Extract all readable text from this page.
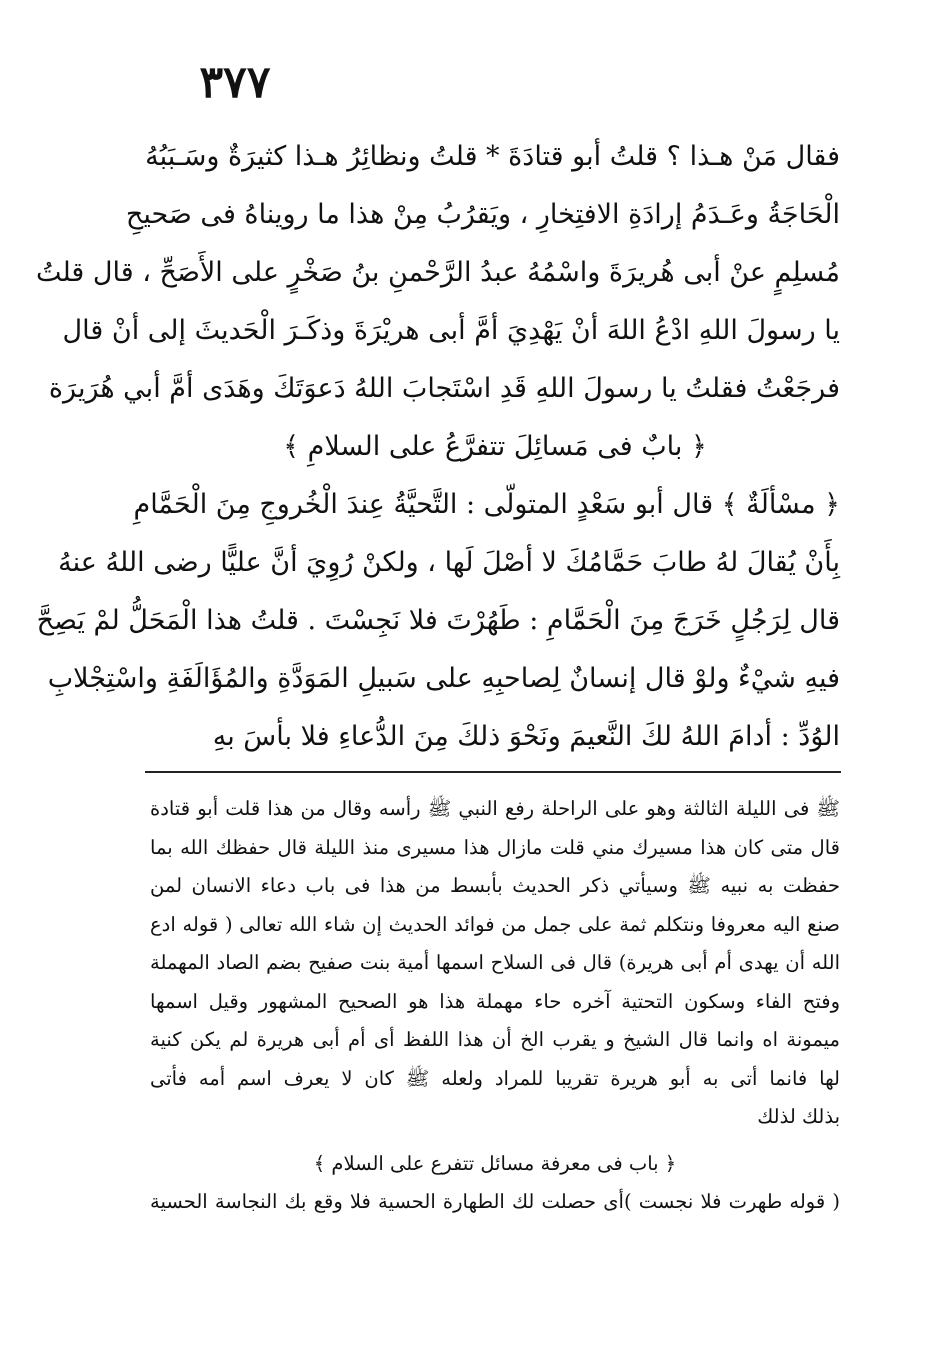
٣٧٧
فقال مَنْ هـذا ؟ قلتُ أبو قتادَةَ * قلتُ ونظائِرُ هـذا كثيرَةٌ وسَـبَبُهُ
الْحَاجَةُ وعَـدَمُ إرادَةِ الافتِخارِ ، ويَقرُبُ مِنْ هذا ما رويناهُ فى صَحيحِ
مُسلِمٍ عنْ أبى هُريرَةَ واسْمُهُ عبدُ الرَّحْمنِ بنُ صَخْرٍ على الأَصَحِّ ، قال قلتُ
يا رسولَ اللهِ ادْعُ اللهَ أنْ يَهْدِيَ أمَّ أبى هريْرَةَ وذكَـرَ الْحَديثَ إلى أنْ قال
فرجَعْتُ فقلتُ يا رسولَ اللهِ قَدِ اسْتَجابَ اللهُ دَعوَتَكَ وهَدَى أمَّ أبي هُرَيرَة
﴿ بابٌ فى مَسائِلَ تتفرَّعُ على السلامِ ﴾
﴿ مسْألَةٌ ﴾ قال أبو سَعْدٍ المتولّى : التَّحيَّةُ عِندَ الْخُروجِ مِنَ الْحَمَّامِ
بِأَنْ يُقالَ لهُ طابَ حَمَّامُكَ لا أصْلَ لَها ، ولكنْ رُوِيَ أنَّ عليًّا رضى اللهُ عنهُ
قال لِرَجُلٍ خَرَجَ مِنَ الْحَمَّامِ : طَهُرْتَ فلا نَجِسْتَ . قلتُ هذا الْمَحَلُّ لمْ يَصِحَّ
فيهِ شيْءٌ ولوْ قال إنسانٌ لِصاحبِهِ على سَبيلِ المَوَدَّةِ والمُؤَالَفَةِ واسْتِجْلابِ
الوُدِّ : أدامَ اللهُ لكَ النَّعيمَ ونَحْوَ ذلكَ مِنَ الدُّعاءِ فلا بأسَ بهِ
ﷺ فى الليلة الثالثة وهو على الراحلة رفع النبي ﷺ رأسه وقال من هذا قلت أبو قتادة
قال متى كان هذا مسيرك مني قلت مازال هذا مسيرى منذ الليلة قال حفظك الله بما
حفظت به نبيه ﷺ وسيأتي ذكر الحديث بأبسط من هذا فى باب دعاء الانسان لمن
صنع اليه معروفا ونتكلم ثمة على جمل من فوائد الحديث إن شاء الله تعالى ( قوله ادع
الله أن يهدى أم أبى هريرة) قال فى السلاح اسمها أمية بنت صفيح بضم الصاد المهملة
وفتح الفاء وسكون التحتية آخره حاء مهملة هذا هو الصحيح المشهور وقيل اسمها
ميمونة اه وانما قال الشيخ و يقرب الخ أن هذا اللفظ أى أم أبى هريرة لم يكن كنية
لها فانما أتى به أبو هريرة تقريبا للمراد ولعله ﷺ كان لا يعرف اسم أمه فأتى
بذلك لذلك
﴿ باب فى معرفة مسائل تتفرع على السلام ﴾
( قوله طهرت فلا نجست )أى حصلت لك الطهارة الحسية فلا وقع بك النجاسة الحسية
